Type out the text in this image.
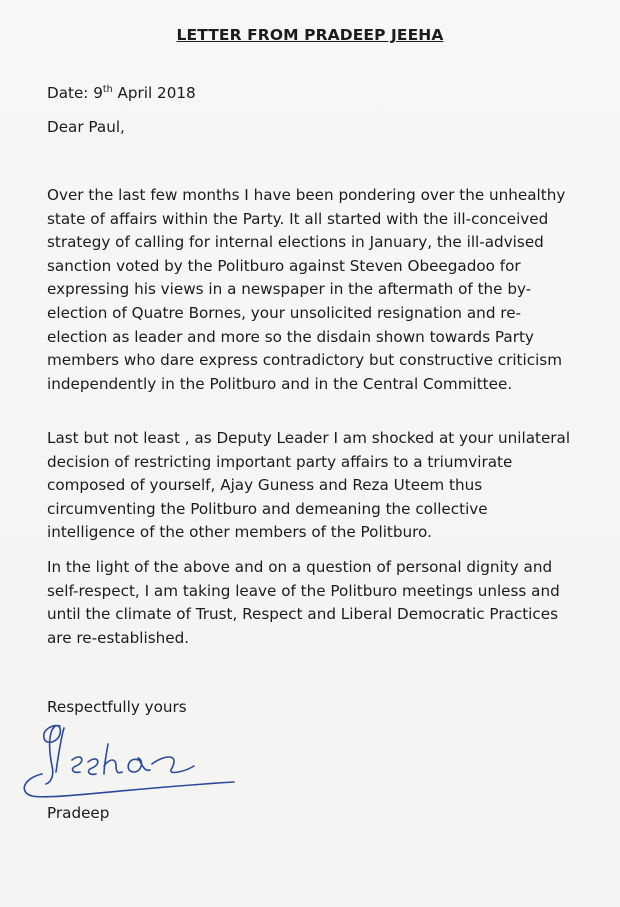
LETTER FROM PRADEEP JEEHA
Date: 9th April 2018
Dear Paul,

Over the last few months I have been pondering over the unhealthy
state of affairs within the Party. It all started with the ill-conceived
strategy of calling for internal elections in January, the ill-advised
sanction voted by the Politburo against Steven Obeegadoo for
expressing his views in a newspaper in the aftermath of the by-
election of Quatre Bornes, your unsolicited resignation and re-
election as leader and more so the disdain shown towards Party
members who dare express contradictory but constructive criticism
independently in the Politburo and in the Central Committee.

Last but not least , as Deputy Leader I am shocked at your unilateral
decision of restricting important party affairs to a triumvirate
composed of yourself, Ajay Guness and Reza Uteem thus
circumventing the Politburo and demeaning the collective
intelligence of the other members of the Politburo.

In the light of the above and on a question of personal dignity and
self-respect, I am taking leave of the Politburo meetings unless and
until the climate of Trust, Respect and Liberal Democratic Practices
are re-established.

Respectfully yours
Pradeep
